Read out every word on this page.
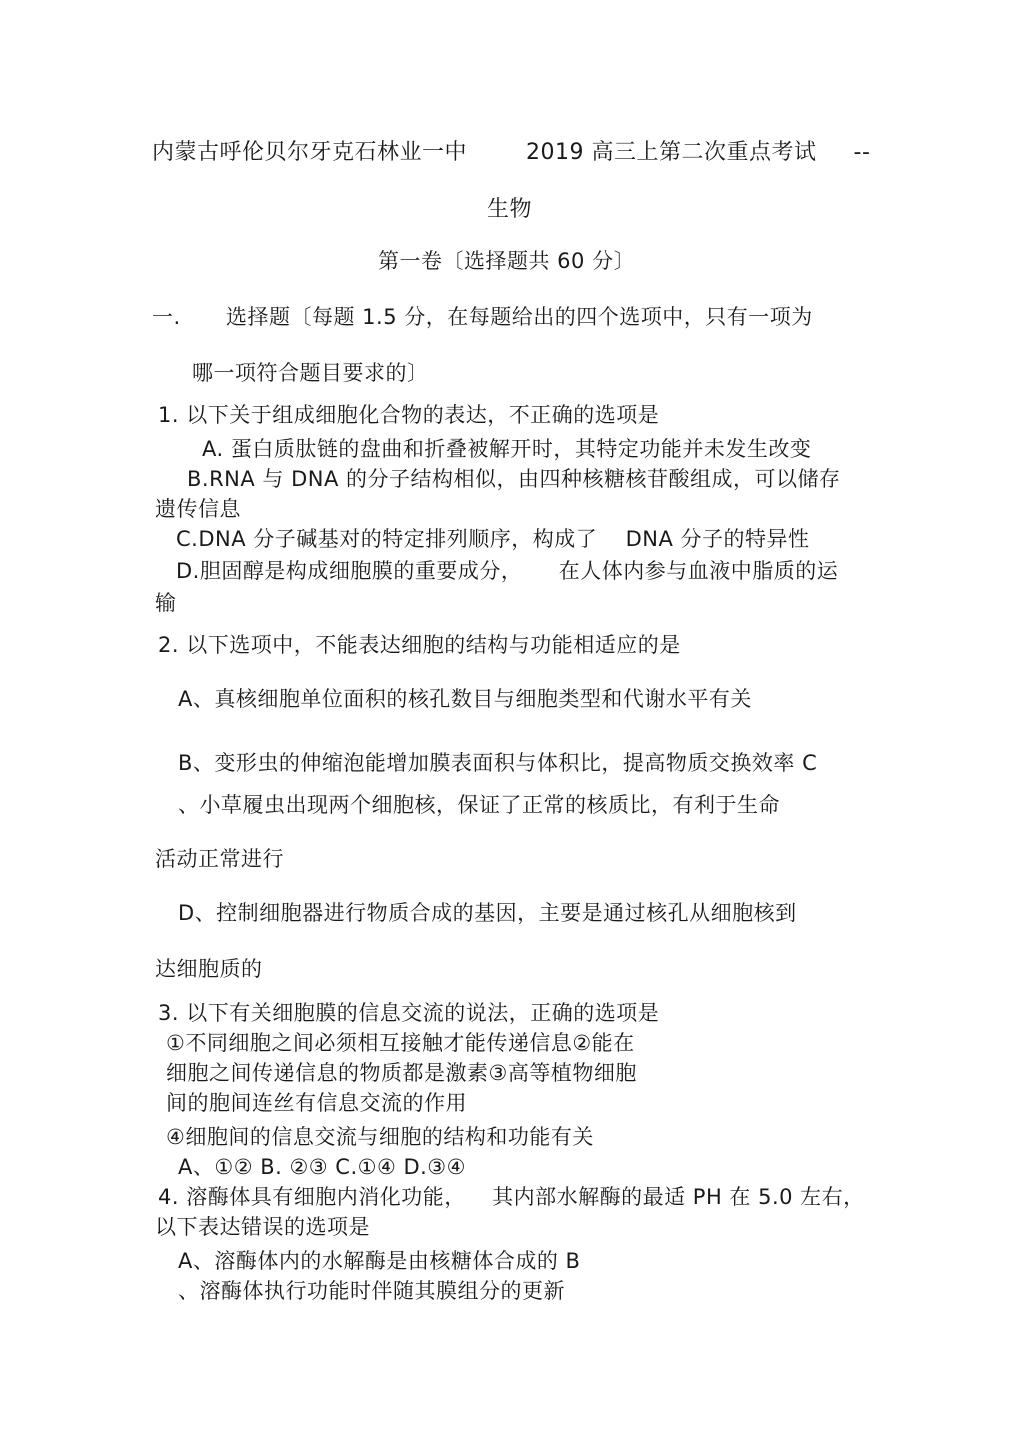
内蒙古呼伦贝尔牙克石林业一中	2019 高三上第二次重点考试 --
生物
第一卷〔选择题共 60 分〕
一. 选择题〔每题 1.5 分，在每题给出的四个选项中，只有一项为
哪一项符合题目要求的〕
1. 以下关于组成细胞化合物的表达，不正确的选项是
A. 蛋白质肽链的盘曲和折叠被解开时，其特定功能并未发生改变
B.RNA 与 DNA 的分子结构相似，由四种核糖核苷酸组成，可以储存
遗传信息
C.DNA 分子碱基对的特定排列顺序，构成了 DNA 分子的特异性
D.胆固醇是构成细胞膜的重要成分， 在人体内参与血液中脂质的运
输
2. 以下选项中，不能表达细胞的结构与功能相适应的是
A、真核细胞单位面积的核孔数目与细胞类型和代谢水平有关
B、变形虫的伸缩泡能增加膜表面积与体积比，提高物质交换效率 C
、小草履虫出现两个细胞核，保证了正常的核质比，有利于生命
活动正常进行
D、控制细胞器进行物质合成的基因，主要是通过核孔从细胞核到
达细胞质的
3. 以下有关细胞膜的信息交流的说法，正确的选项是
①不同细胞之间必须相互接触才能传递信息②能在
细胞之间传递信息的物质都是激素③高等植物细胞
间的胞间连丝有信息交流的作用
④细胞间的信息交流与细胞的结构和功能有关
A、①② B. ②③ C.①④ D.③④
4. 溶酶体具有细胞内消化功能， 其内部水解酶的最适 PH 在 5.0 左右，
以下表达错误的选项是
A、溶酶体内的水解酶是由核糖体合成的 B
、溶酶体执行功能时伴随其膜组分的更新
